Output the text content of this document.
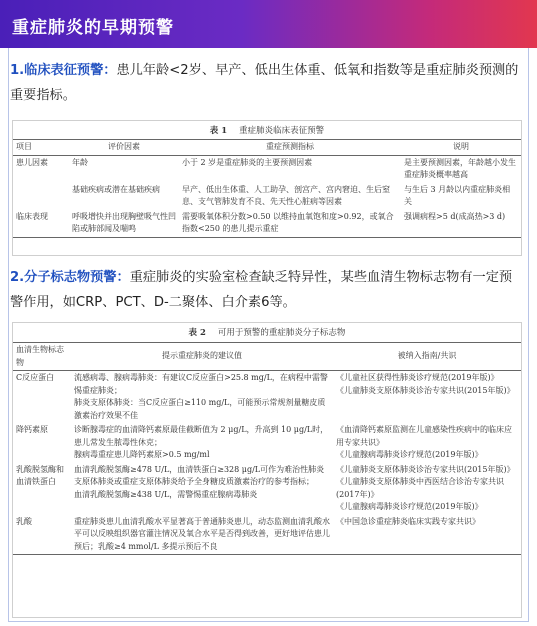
重症肺炎的早期预警
1.临床表征预警：患儿年龄<2岁、早产、低出生体重、低氧和指数等是重症肺炎预测的重要指标。
表 1 重症肺炎临床表征预警
项目	评价因素	重症预测指标	说明
患儿因素	年龄	小于 2 岁是重症肺炎的主要预测因素	是主要预测因素，年龄越小发生重症肺炎概率越高
	基础疾病或潜在基础疾病	早产、低出生体重、人工助孕、剖宫产、宫内窘迫、生后窒息、支气管肺发育不良、先天性心脏病等因素	与生后 3 月龄以内重症肺炎相关
临床表现	呼吸增快并出现胸壁吸气性凹陷或肺部闻及喘鸣	需要吸氧体积分数>0.50 以维持血氧饱和度>0.92，或氧合指数<250 的患儿提示重症	强调病程>5 d(成高热>3 d)
2.分子标志物预警：重症肺炎的实验室检查缺乏特异性，某些血清生物标志物有一定预警作用，如CRP、PCT、D-二聚体、白介素6等。
表 2 可用于预警的重症肺炎分子标志物
血清生物标志物	提示重症肺炎的建议值	被纳入指南/共识
C反应蛋白	流感病毒、腺病毒肺炎：有建议C反应蛋白>25.8 mg/L，在病程中需警惕重症肺炎；
肺炎支原体肺炎：当C反应蛋白≥110 mg/L，可能预示常规剂量糖皮质激素治疗效果不佳	《儿童社区获得性肺炎诊疗规范(2019年版)》
《儿童肺炎支原体肺炎诊治专家共识(2015年版)》

降钙素原	诊断腺毒症的血清降钙素原最佳截断值为 2 μg/L，升高到 10 μg/L时，患儿常发生脓毒性休克；
腺病毒重症患儿降钙素原>0.5 mg/ml	《血清降钙素原监测在儿童感染性疾病中的临床应用专家共识》
《儿童腺病毒肺炎诊疗规范(2019年版)》

乳酸脱氢酶和血清铁蛋白	血清乳酸脱氢酶≥478 U/L，血清铁蛋白≥328 μg/L可作为难治性肺炎支原体肺炎或重症支原体肺炎给予全身糖皮质激素治疗的参考指标；
血清乳酸脱氢酶≥438 U/L，需警惕重症腺病毒肺炎	《儿童肺炎支原体肺炎诊治专家共识(2015年版)》
《儿童肺炎支原体肺炎中西医结合诊治专家共识(2017年)》
《儿童腺病毒肺炎诊疗规范(2019年版)》

乳酸	重症肺炎患儿血清乳酸水平显著高于普通肺炎患儿，动态监测血清乳酸水平可以反映组织器官灌注情况及氧合水平是否得到改善，更好地评估患儿预后；乳酸≥4 mmol/L 多提示预后不良	《中国急诊重症肺炎临床实践专家共识》
